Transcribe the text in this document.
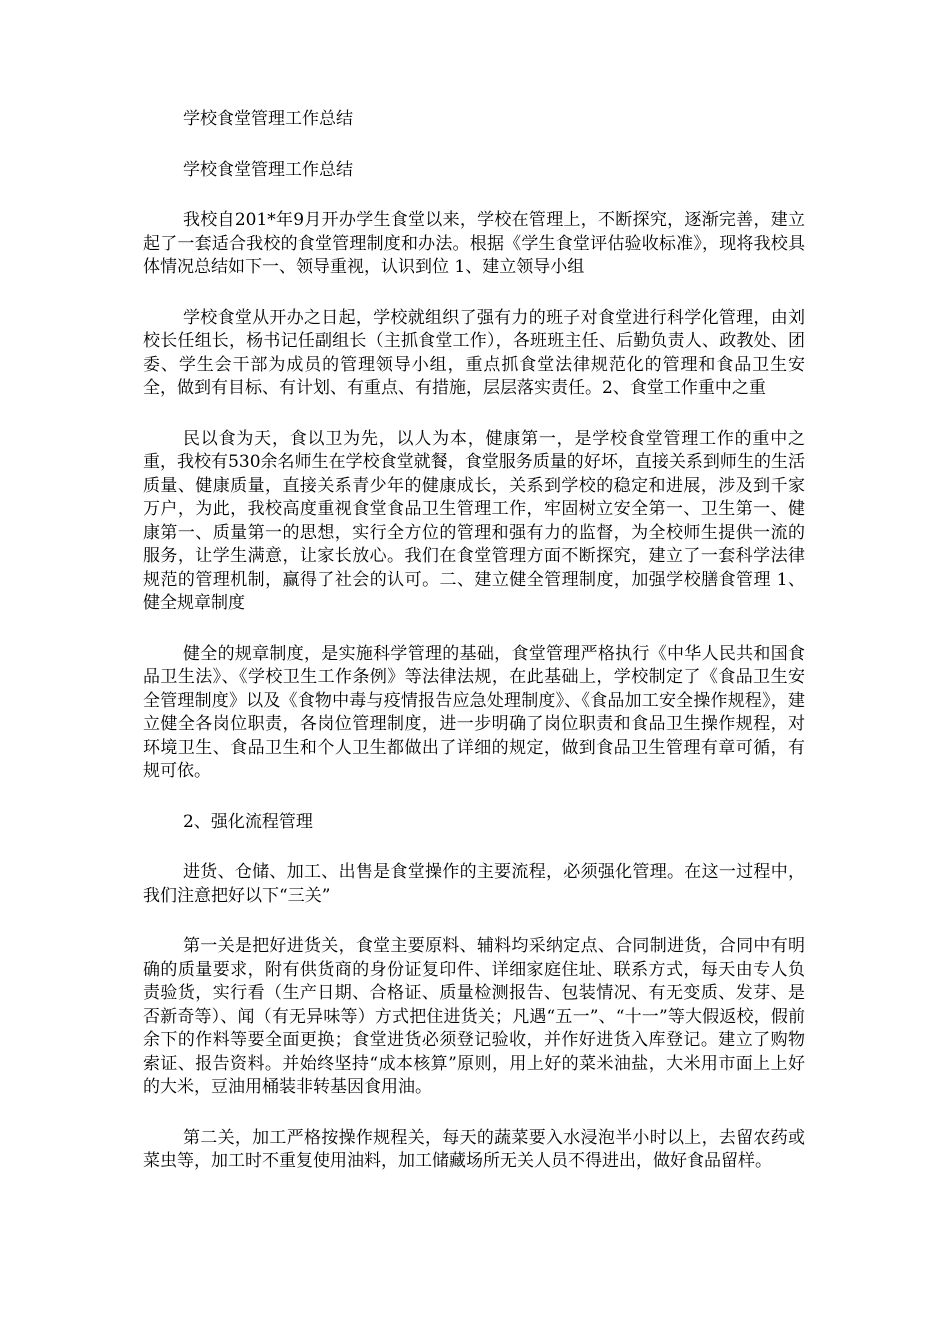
学校食堂管理工作总结

学校食堂管理工作总结

我校自201*年9月开办学生食堂以来，学校在管理上，不断探究，逐渐完善，建立起了一套适合我校的食堂管理制度和办法。根据《学生食堂评估验收标准》，现将我校具体情况总结如下一、领导重视，认识到位 1、建立领导小组

学校食堂从开办之日起，学校就组织了强有力的班子对食堂进行科学化管理，由刘校长任组长，杨书记任副组长（主抓食堂工作），各班班主任、后勤负责人、政教处、团委、学生会干部为成员的管理领导小组，重点抓食堂法律规范化的管理和食品卫生安全，做到有目标、有计划、有重点、有措施，层层落实责任。2、食堂工作重中之重

民以食为天，食以卫为先，以人为本，健康第一，是学校食堂管理工作的重中之重，我校有530余名师生在学校食堂就餐，食堂服务质量的好坏，直接关系到师生的生活质量、健康质量，直接关系青少年的健康成长，关系到学校的稳定和进展，涉及到千家万户，为此，我校高度重视食堂食品卫生管理工作，牢固树立安全第一、卫生第一、健康第一、质量第一的思想，实行全方位的管理和强有力的监督，为全校师生提供一流的服务，让学生满意，让家长放心。我们在食堂管理方面不断探究，建立了一套科学法律规范的管理机制，赢得了社会的认可。二、建立健全管理制度，加强学校膳食管理 1、健全规章制度

健全的规章制度，是实施科学管理的基础，食堂管理严格执行《中华人民共和国食品卫生法》、《学校卫生工作条例》等法律法规，在此基础上，学校制定了《食品卫生安全管理制度》以及《食物中毒与疫情报告应急处理制度》、《食品加工安全操作规程》，建立健全各岗位职责，各岗位管理制度，进一步明确了岗位职责和食品卫生操作规程，对环境卫生、食品卫生和个人卫生都做出了详细的规定，做到食品卫生管理有章可循，有规可依。

2、强化流程管理

进货、仓储、加工、出售是食堂操作的主要流程，必须强化管理。在这一过程中，我们注意把好以下“三关”

第一关是把好进货关，食堂主要原料、辅料均采纳定点、合同制进货，合同中有明确的质量要求，附有供货商的身份证复印件、详细家庭住址、联系方式，每天由专人负责验货，实行看（生产日期、合格证、质量检测报告、包装情况、有无变质、发芽、是否新奇等）、闻（有无异味等）方式把住进货关；凡遇“五一”、“十一”等大假返校，假前余下的作料等要全面更换；食堂进货必须登记验收，并作好进货入库登记。建立了购物索证、报告资料。并始终坚持“成本核算”原则，用上好的菜米油盐，大米用市面上上好的大米，豆油用桶装非转基因食用油。

第二关，加工严格按操作规程关，每天的蔬菜要入水浸泡半小时以上，去留农药或菜虫等，加工时不重复使用油料，加工储藏场所无关人员不得进出，做好食品留样。
